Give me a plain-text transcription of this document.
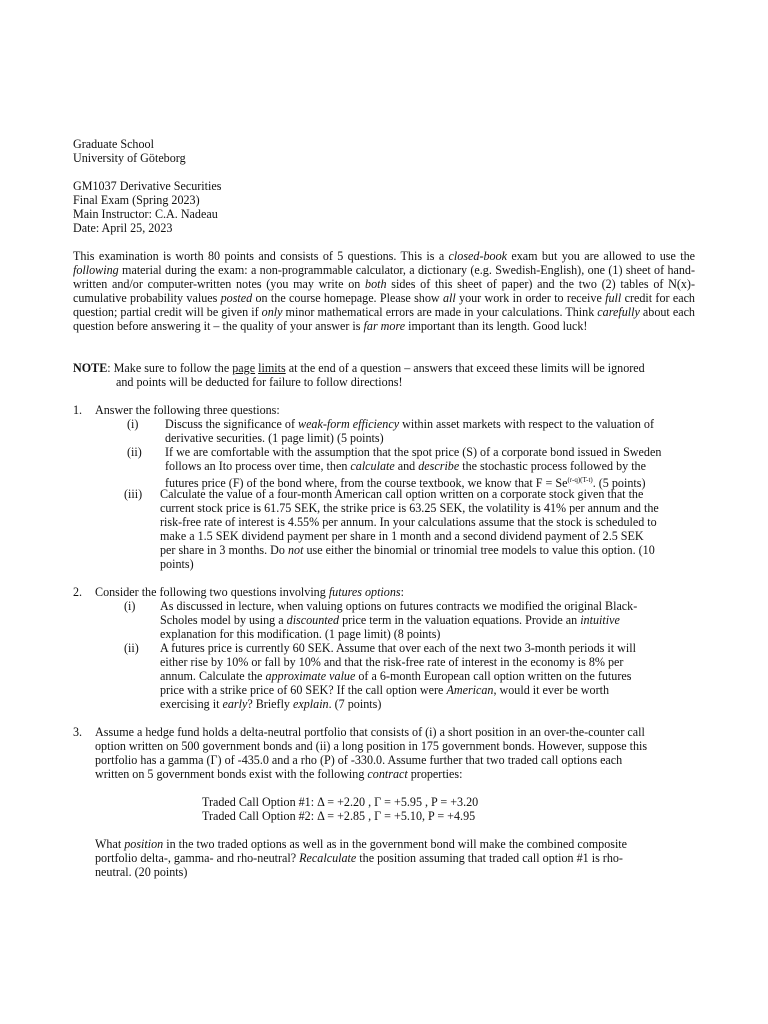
Graduate School
University of Göteborg
GM1037 Derivative Securities
Final Exam (Spring 2023)
Main Instructor: C.A. Nadeau
Date: April 25, 2023

This examination is worth 80 points and consists of 5 questions. This is a closed-book exam but you are allowed to use the following material during the exam: a non-programmable calculator, a dictionary (e.g. Swedish-English), one (1) sheet of hand-written and/or computer-written notes (you may write on both sides of this sheet of paper) and the two (2) tables of N(x)-cumulative probability values posted on the course homepage. Please show all your work in order to receive full credit for each question; partial credit will be given if only minor mathematical errors are made in your calculations. Think carefully about each question before answering it – the quality of your answer is far more important than its length. Good luck!

NOTE: Make sure to follow the page limits at the end of a question – answers that exceed these limits will be ignored
and points will be deducted for failure to follow directions!
1. Answer the following three questions:
(i) Discuss the significance of weak-form efficiency within asset markets with respect to the valuation of
derivative securities. (1 page limit) (5 points)
(ii) If we are comfortable with the assumption that the spot price (S) of a corporate bond issued in Sweden
follows an Ito process over time, then calculate and describe the stochastic process followed by the
futures price (F) of the bond where, from the course textbook, we know that $F = Se^{(r-q)(T-t)}$. (5 points)
(iii) Calculate the value of a four-month American call option written on a corporate stock given that the
current stock price is 61.75 SEK, the strike price is 63.25 SEK, the volatility is 41% per annum and the
risk-free rate of interest is 4.55% per annum. In your calculations assume that the stock is scheduled to
make a 1.5 SEK dividend payment per share in 1 month and a second dividend payment of 2.5 SEK
per share in 3 months. Do not use either the binomial or trinomial tree models to value this option. (10
points)
2. Consider the following two questions involving futures options:
(i) As discussed in lecture, when valuing options on futures contracts we modified the original Black-
Scholes model by using a discounted price term in the valuation equations. Provide an intuitive
explanation for this modification. (1 page limit) (8 points)
(ii) A futures price is currently 60 SEK. Assume that over each of the next two 3-month periods it will
either rise by 10% or fall by 10% and that the risk-free rate of interest in the economy is 8% per
annum. Calculate the approximate value of a 6-month European call option written on the futures
price with a strike price of 60 SEK? If the call option were American, would it ever be worth
exercising it early? Briefly explain. (7 points)
3. Assume a hedge fund holds a delta-neutral portfolio that consists of (i) a short position in an over-the-counter call
option written on 500 government bonds and (ii) a long position in 175 government bonds. However, suppose this
portfolio has a gamma (Γ) of -435.0 and a rho (P) of -330.0. Assume further that two traded call options each
written on 5 government bonds exist with the following contract properties:
Traded Call Option #1: Δ = +2.20 , Γ = +5.95 , P = +3.20
Traded Call Option #2: Δ = +2.85 , Γ = +5.10, P = +4.95
What position in the two traded options as well as in the government bond will make the combined composite
portfolio delta-, gamma- and rho-neutral? Recalculate the position assuming that traded call option #1 is rho-
neutral. (20 points)
